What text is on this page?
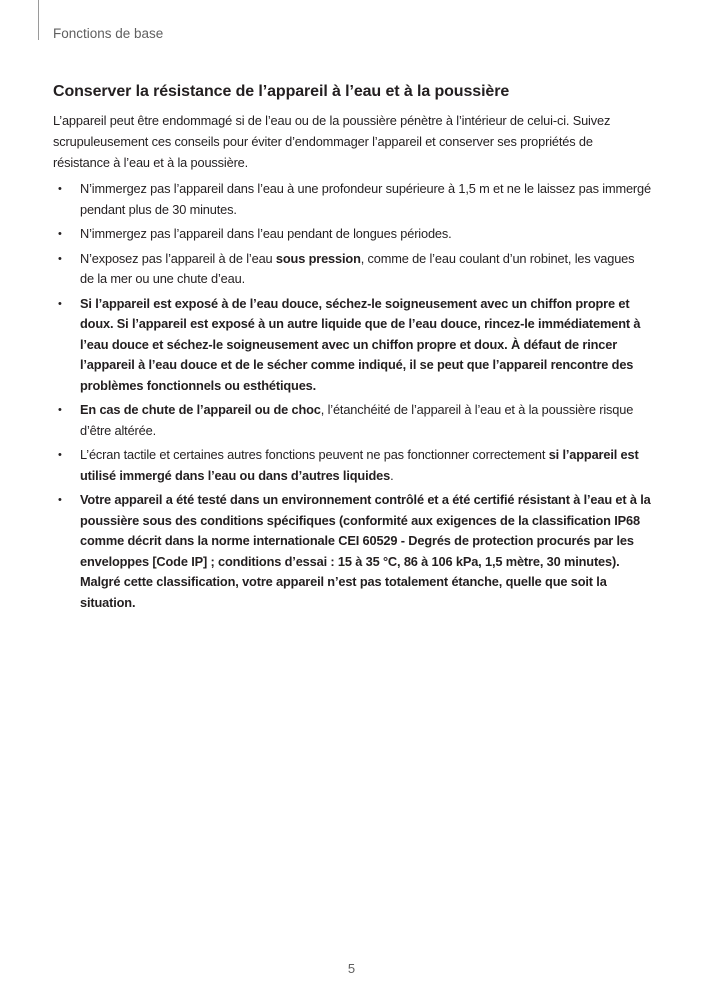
Fonctions de base
Conserver la résistance de l’appareil à l’eau et à la poussière

L’appareil peut être endommagé si de l’eau ou de la poussière pénètre à l’intérieur de celui-ci. Suivez scrupuleusement ces conseils pour éviter d’endommager l’appareil et conserver ses propriétés de résistance à l’eau et à la poussière.

• N’immergez pas l’appareil dans l’eau à une profondeur supérieure à 1,5 m et ne le laissez pas immergé pendant plus de 30 minutes.
• N’immergez pas l’appareil dans l’eau pendant de longues périodes.
• N’exposez pas l’appareil à de l’eau sous pression, comme de l’eau coulant d’un robinet, les vagues de la mer ou une chute d’eau.
• Si l’appareil est exposé à de l’eau douce, séchez-le soigneusement avec un chiffon propre et doux. Si l’appareil est exposé à un autre liquide que de l’eau douce, rincez-le immédiatement à l’eau douce et séchez-le soigneusement avec un chiffon propre et doux. À défaut de rincer l’appareil à l’eau douce et de le sécher comme indiqué, il se peut que l’appareil rencontre des problèmes fonctionnels ou esthétiques.
• En cas de chute de l’appareil ou de choc, l’étanchéité de l’appareil à l’eau et à la poussière risque d’être altérée.
• L’écran tactile et certaines autres fonctions peuvent ne pas fonctionner correctement si l’appareil est utilisé immergé dans l’eau ou dans d’autres liquides.
• Votre appareil a été testé dans un environnement contrôlé et a été certifié résistant à l’eau et à la poussière sous des conditions spécifiques (conformité aux exigences de la classification IP68 comme décrit dans la norme internationale CEI 60529 - Degrés de protection procurés par les enveloppes [Code IP] ; conditions d’essai : 15 à 35 °C, 86 à 106 kPa, 1,5 mètre, 30 minutes). Malgré cette classification, votre appareil n’est pas totalement étanche, quelle que soit la situation.
5
